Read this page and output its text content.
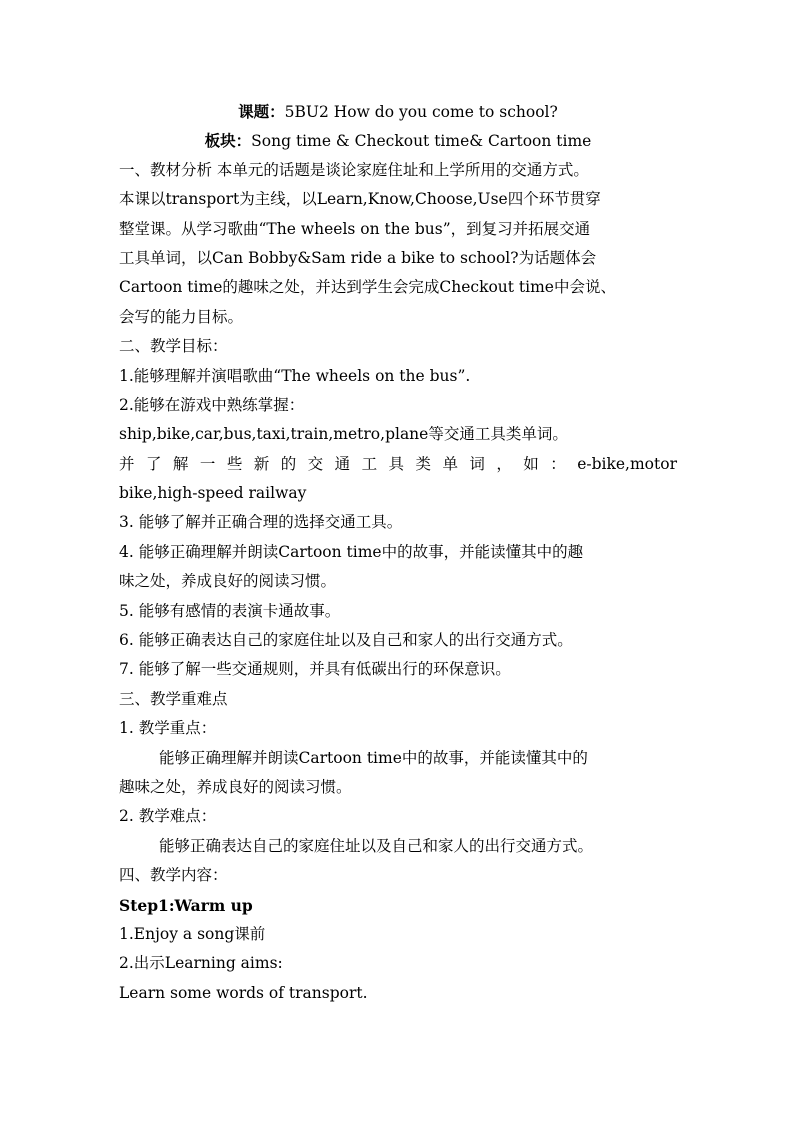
课题：5BU2 How do you come to school?
板块：Song time & Checkout time& Cartoon time
一、教材分析 本单元的话题是谈论家庭住址和上学所用的交通方式。
本课以transport为主线，以Learn,Know,Choose,Use四个环节贯穿
整堂课。从学习歌曲“The wheels on the bus”，到复习并拓展交通
工具单词，以Can Bobby&Sam ride a bike to school?为话题体会
Cartoon time的趣味之处，并达到学生会完成Checkout time中会说、
会写的能力目标。
二、教学目标：
1.能够理解并演唱歌曲“The wheels on the bus”.
2.能够在游戏中熟练掌握：
ship,bike,car,bus,taxi,train,metro,plane等交通工具类单词。
并了解一些新的交通工具类单词，如：e-bike,motor
bike,high-speed railway
3. 能够了解并正确合理的选择交通工具。
4. 能够正确理解并朗读Cartoon time中的故事，并能读懂其中的趣
味之处，养成良好的阅读习惯。
5. 能够有感情的表演卡通故事。
6. 能够正确表达自己的家庭住址以及自己和家人的出行交通方式。
7. 能够了解一些交通规则，并具有低碳出行的环保意识。
三、教学重难点
1. 教学重点：
能够正确理解并朗读Cartoon time中的故事，并能读懂其中的
趣味之处，养成良好的阅读习惯。
2. 教学难点：
能够正确表达自己的家庭住址以及自己和家人的出行交通方式。
四、教学内容：
Step1:Warm up
1.Enjoy a song课前
2.出示Learning aims:
Learn some words of transport.
